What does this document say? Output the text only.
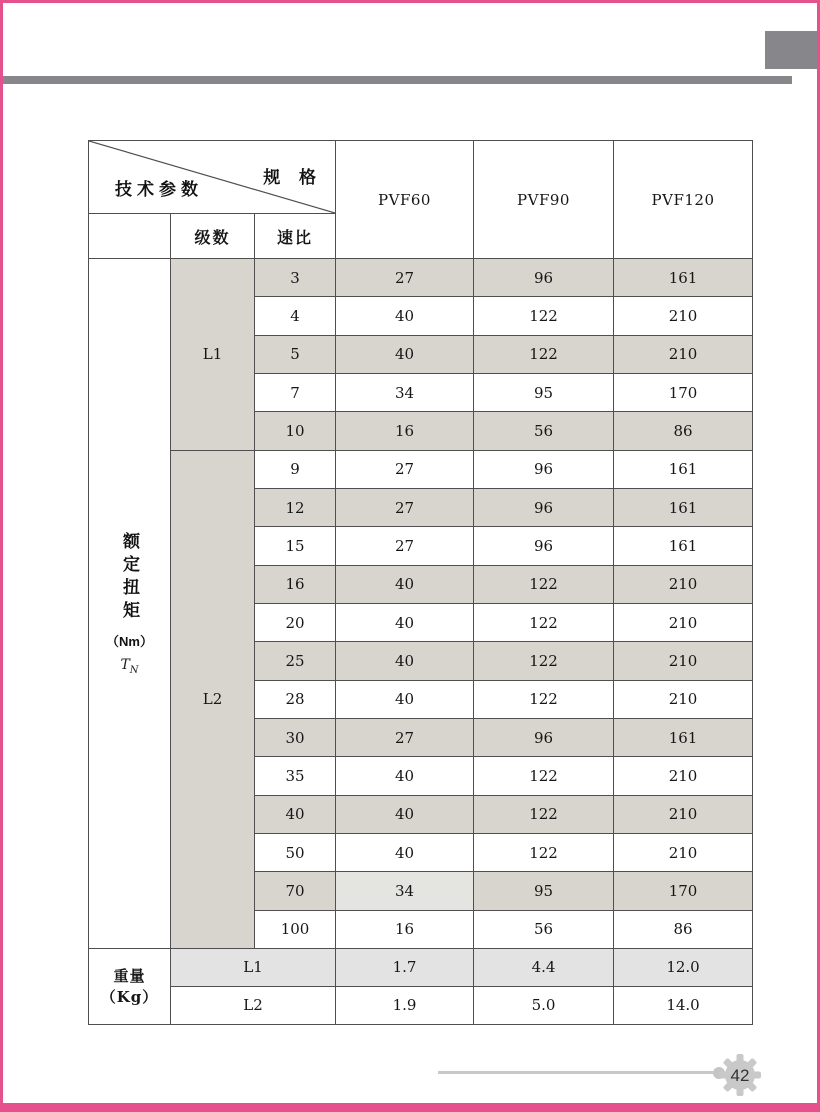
技术参数
规 格			PVF60	PVF90	PVF120
	级数	速比			

额定扭矩
（Nm）
$T_N$	L1	3	27	96	161
		4	40	122	210
		5	40	122	210
		7	34	95	170
		10	16	56	86
	L2	9	27	96	161
		12	27	96	161
		15	27	96	161
		16	40	122	210
		20	40	122	210
		25	40	122	210
		28	40	122	210
		30	27	96	161
		35	40	122	210
		40	40	122	210
		50	40	122	210
		70	34	95	170
		100	16	56	86
重量（Kg）	L1		1.7	4.4	12.0
	L2		1.9	5.0	14.0
42
